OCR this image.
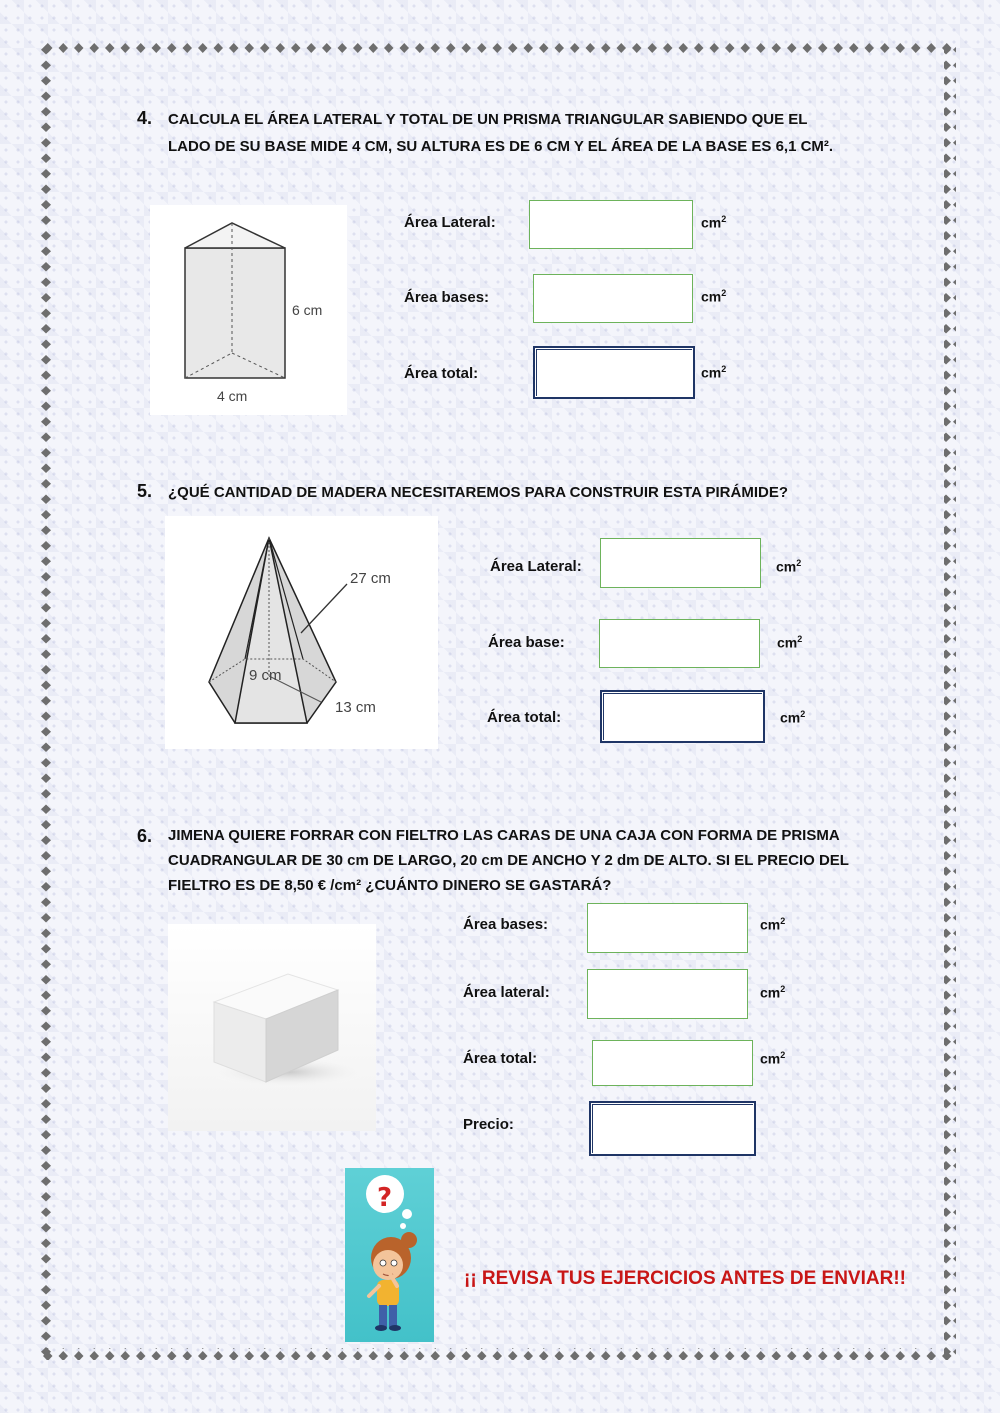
4. CALCULA EL ÁREA LATERAL Y TOTAL DE UN PRISMA TRIANGULAR SABIENDO QUE EL
LADO DE SU BASE MIDE 4 CM, SU ALTURA ES DE 6 CM Y EL ÁREA DE LA BASE ES 6,1 CM².
6 cm
4 cm
Área Lateral:	$cm^2$
Área bases:	$cm^2$
Área total:	$cm^2$
5. ¿QUÉ CANTIDAD DE MADERA NECESITAREMOS PARA CONSTRUIR ESTA PIRÁMIDE?
27 cm
9 cm
13 cm
Área Lateral:	$cm^2$
Área base:	$cm^2$
Área total:	$cm^2$
6. JIMENA QUIERE FORRAR CON FIELTRO LAS CARAS DE UNA CAJA CON FORMA DE PRISMA
CUADRANGULAR DE 30 cm DE LARGO, 20 cm DE ANCHO Y 2 dm DE ALTO. SI EL PRECIO DEL
FIELTRO ES DE 8,50 € /cm² ¿CUÁNTO DINERO SE GASTARÁ?
Área bases:	$cm^2$
Área lateral:	$cm^2$
Área total:	$cm^2$
Precio:
?
¡¡ REVISA TUS EJERCICIOS ANTES DE ENVIAR!!
